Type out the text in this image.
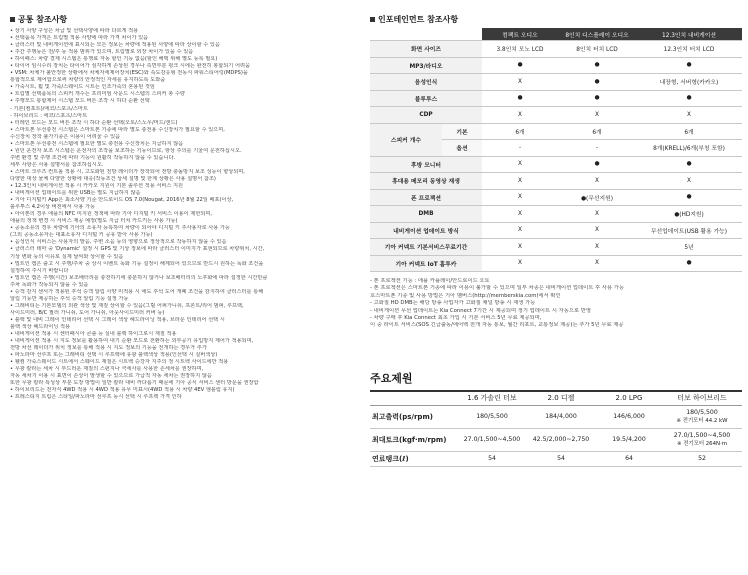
공통 참조사항
• 상기 사양 구성은 차급 및 선택사양에 따라 다르게 적용
• 선택품목 가격은 트림별 적용 사양에 따라 가격 차이가 있음
• 클러스터 및 내비게이션에 표시되는 모든 정보는 차량에 적용된 사양에 따라 상이할 수 있음
• 주간 주행등은 전/후 등 적용 범위가 있으며, 트림별로 외장 차이가 있을 수 있음
• 하이패스: 차량 결제 시스템은 통행료 자동 할인 기능 없음(할인 해택 위해 별도 등록 필요)
• 타이어 임시수리 장치는 타이어가 심각하게 손상된 경우나 측면부분 펑크 시에는 완전히 봉합되기 어려움
• VSM: 차체가 불안정한 상황에서 차체자세제어장치(ESC)와 속도감응형 전동식 파워스티어링(MDPS)을
통합적으로 제어함으로써 차량의 안정적인 자세를 유지하도록 도와줌
• 가죽시트, 휠 및 가죽/스웨이드 시트는 인조가죽의 혼용된 것임
• 트림별 선택품목의 스피커 개수는 프리미엄 사운드 시스템의 스피커 총 수량
• 주행모드 통합제어 시스템 모드 버튼 조작 시 하다 순환 선택
- 기본(컴포트)/에코/스포츠/스마트
- 하이브리드 : 에코/스포츠/스마트
• 터레인 모드는 모드 버튼 조작 시 하다 순환 선택(오토/스노우/머드/샌드)
• 스마트폰 무선충전 시스템은 스마트폰 기종에 따라 별도 충전용 수신장치가 필요할 수 있으며,
수신장치 장착 불가기종은 이용이 어려울 수 있음
• 스마트폰 무선충전 시스템에 필요한 별도 충전용 수신장치는 지급하지 않음
• 원던 운전자 보조 시스템은 운전자의 조작을 보조하는 기능이므로, 항상 주의를 기울여 운전하십시오.
주변 환경 및 주행 조건에 따라 기능이 원활히 작동하지 않을 수 있습니다.
세부 사항은 사용 설명서를 참조하십시오.
• 스마트 크루즈 컨트롤 적용 시, 고도화된 전방 레이더가 장착되어 전방 충돌방지 보조 성능이 향상되며,
다양한 대상 물체 다양한 상황에 대응(작동조건 상세 설명 및 한계 상황은 사용 설명서 참조)
• 12.3인치 내비게이션 적용 시 카카오 지원이 기본 솔루션 적용 서비스 지원
• 내비게이션 업데이트를 위한 USB는 별도 지급하지 않음
• 기아 디지털키 App은 최소사양 기준 안드로이드 OS 7.0(Nougat, 2016년 8월 22일 배포)이상,
블루투스 4.2이상 버전에서 사용 가능
• 아이폰의 경우 애플의 NFC 미지원 정책에 따라 기아 디지털 키 서비스 이용이 제한되며,
애플의 정책 변경 시 서비스 제공 예정(별도 지급 터치 카드키는 사용 가능)
• 공동소유의 경우 차량에 기아의 소유자 등록하여 차량이 되어야 디지털 키 주사용자로 사용 가능
(그외 공동소유자는 대표소유자 디지털 키 공유 받아 사용 가능)
• 음성인식 서비스는 사용자의 발음, 주변 소음 등의 영향으로 정상적으로 작동하지 않을 수 있음
• 클러스터 테마 중 'Dynamic' 설정 시 GPS 및 기상 정보에 따라 클러스터 이미지가 표현되므로 차량위치, 시간,
기상 변화 등의 이유로 실제 날씨와 상이할 수 있음
• 빌트인 캠은 출고 시 주행/주차 중 상시 이벤트 녹화 기능 설정이 해제되어 있으므로 반드시 원하는 녹화 조건을
설정하여 주시기 바랍니다
• 빌트인 캠은 주행(시간) 보조배터리를 충전하기에 충분하지 않거나 보조배터리의 노후화에 따라 설정한 시간만큼
주차 녹화가 작동되지 않을 수 있음
• 승객 감지 센서가 적용된 후석 승객 알림 사양 미적용 시 에도 후석 도어 개폐 조건을 감지하여 클러스터를 통해
알림 기능만 제공하는 후석 승객 알림 기능 설정 가능
• 그래비티는 기본모델의 외관 색상 및 재질 상이할 수 있음(그릴 어퍼가니쉬, 프론트/리어 범퍼, 루프랙,
사이드미러, B/C 필러 가니쉬, 도어 가니쉬, 아웃사이드미러 커버 등)
• 블랙 및 내비 그레이 인테리어 선택 시 그레이 색상 헤드라이닝 적용, 브라운 인테리어 선택 시
블랙 색상 헤드라이닝 적용
• 내비게이션 적용 시 센터패시아 콘솔 등 실내 블랙 하이그로시 재질 적용
• 내비게이션 적용 시 지도 정보를 활용하여 내기 순환 모드로 전환하는 외부공기 유입방지 제어가 적용되며,
전방 차선 레이더가 위치 정보를 통해 적용 시 지도 정보의 기능을 전개하는 경우가 추가
• 파노라마 선루프 또는 그래비티 선택 시 루프랙에 유광 블랙색상 적용(인선택 시 실버색상)
• 웰컴 가죽스웨이드 시트에서 스웨이드 재질은 시트백 승강자 지주의 정 시트백 사이드에만 적용
• 무광 칼라는 세차 시 부드러운 재질의 스펀지나 극세사를 사용한 손세차를 권장하며,
자동 세차기 이용 시 표면이 손상이 발생할 수 있으므로 가급적 자동 세차는 권장하지 않음
또한 무광 칼라 특성상 부분 도장 방법이 일반 칼라 대비 까다롭기 때문에 기아 공식 서비스 센터 방문을 권장함
• 하이브리드는 전자식 4WD 적용 시 4WD 적용 유무 미표시(4WD 적용 시 차량 4EV 엠블럼 유지)
• 프레스티지 트림은 스타일/파노라마 선루프 동시 선택 시 루프랙 가격 인하
인포테인먼트 참조사항
		컴팩트 오디오	8인치 디스플레이 오디오	12.3인치 내비게이션
화면 사이즈		3.8인치 모노 LCD	8인치 터치 LCD	12.3인치 터치 LCD
MP3/라디오		●	●	●
음성인식		X	●	내장형, 서버형(카카오)
블루투스		●	●	●
CDP		X	X	X
스피커 개수	기본	6개	6개	6개
	옵션	-	-	8개(KRELL)/6개(부칭 포함)
후방 모니터		X	●	●
휴대용 메모리 동영상 재생		X	X	X
폰 프로젝션		X	●(무선지원)	●
DMB		X	X	●(HD지원)
내비게이션 업데이트 방식		X	X	무선업데이트(USB 활용 가능)
기아 커넥트 기본서비스무료기간		X	X	5년
기아 커넥트 IoT 홈투카		X	X	●
- 폰 프로젝션 기능 : 애플 카플레이/안드로이드 오토
- 폰 프로젝션은 스마트폰 기종에 따라 이용이 불가할 수 있으며 일부 차종은 내비게이션 업데이트 후 사용 가능
호스마트폰 기종 및 사용 방법은 기아 멤버스(http://memberskia.com)에서 확인
- 고화질 HD DMB는 해당 방송 사업자가 고화질 채널 방송 시 재생 가능
- 내비게이션 무선 업데이트는 Kia Connect 7기간 시 제공되며 정기 업데이트 시 자동으로 반영
- 차량 구매 후 Kia Connect 최초 가입 시 기본 서비스 5년 무료 제공되며,
이 중 라이트 서비스(SOS 긴급출동/에어백 전개 자동 통보, 월간 리포트, 교통정보 제공)는 추가 5년 무료 제공
주요제원
	1.6 가솔린 터보	2.0 디젤	2.0 LPG	터보 하이브리드
최고출력(ps/rpm)	180/5,500	184/4,000	146/6,000	180/5,500
※ 전기모터 44.2 kW

최대토크(kgf·m/rpm)	27.0/1,500~4,500	42.5/2,000~2,750	19.5/4,200	27.0/1,500~4,500
※ 전기모터 264N·m

연료탱크(ℓ)	54	54	64	52
